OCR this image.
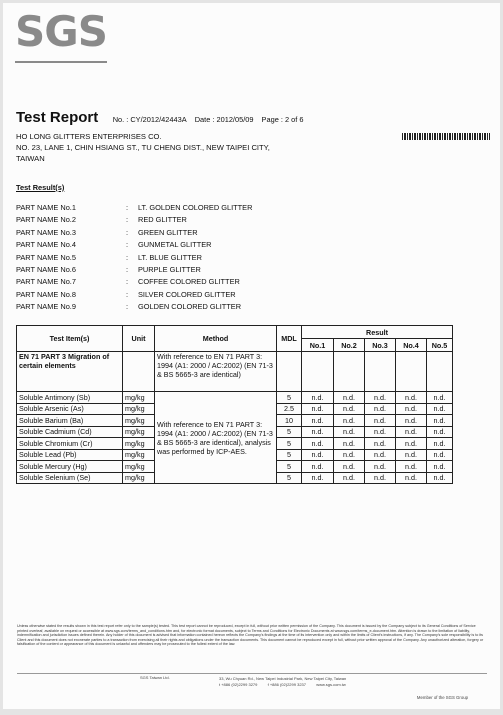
SGS
Test Report No. : CY/2012/42443A Date : 2012/05/09 Page : 2 of 6
HO LONG GLITTERS ENTERPRISES CO.
NO. 23, LANE 1, CHIN HSIANG ST., TU CHENG DIST., NEW TAIPEI CITY,
TAIWAN
Test Result(s)
PART NAME No.1	: LT. GOLDEN COLORED GLITTER
PART NAME No.2	: RED GLITTER
PART NAME No.3	: GREEN GLITTER
PART NAME No.4	: GUNMETAL GLITTER
PART NAME No.5	: LT. BLUE GLITTER
PART NAME No.6	: PURPLE GLITTER
PART NAME No.7	: COFFEE COLORED GLITTER
PART NAME No.8	: SILVER COLORED GLITTER
PART NAME No.9	: GOLDEN COLORED GLITTER
Test Item(s)	Unit	Method	MDL	Result				
				No.1	No.2	No.3	No.4	No.5
EN 71 PART 3 Migration of certain elements		With reference to EN 71 PART 3: 1994 (A1: 2000 / AC:2002) (EN 71-3 & BS 5665-3 are identical)						
Soluble Antimony (Sb)	mg/kg	With reference to EN 71 PART 3: 1994 (A1: 2000 / AC:2002) (EN 71-3 & BS 5665-3 are identical), analysis was performed by ICP-AES.	5	n.d.	n.d.	n.d.	n.d.	n.d.
Soluble Arsenic (As)	mg/kg		2.5	n.d.	n.d.	n.d.	n.d.	n.d.
Soluble Barium (Ba)	mg/kg		10	n.d.	n.d.	n.d.	n.d.	n.d.
Soluble Cadmium (Cd)	mg/kg		5	n.d.	n.d.	n.d.	n.d.	n.d.
Soluble Chromium (Cr)	mg/kg		5	n.d.	n.d.	n.d.	n.d.	n.d.
Soluble Lead (Pb)	mg/kg		5	n.d.	n.d.	n.d.	n.d.	n.d.
Soluble Mercury (Hg)	mg/kg		5	n.d.	n.d.	n.d.	n.d.	n.d.
Soluble Selenium (Se)	mg/kg		5	n.d.	n.d.	n.d.	n.d.	n.d.
Unless otherwise stated the results shown in this test report refer only to the sample(s) tested. This test report cannot be reproduced, except in full, without prior written permission of the Company. This document is issued by the Company subject to its General Conditions of Service printed overleaf, available on request or accessible at www.sgs.com/terms_and_conditions.htm and, for electronic format documents, subject to Terms and Conditions for Electronic Documents at www.sgs.com/terms_e-document.htm. Attention is drawn to the limitation of liability, indemnification and jurisdiction issues defined therein. Any holder of this document is advised that information contained hereon reflects the Company's findings at the time of its intervention only and within the limits of Client's instructions, if any. The Company's sole responsibility is to its Client and this document does not exonerate parties to a transaction from exercising all their rights and obligations under the transaction documents. This document cannot be reproduced except in full, without prior written approval of the Company. Any unauthorized alteration, forgery or falsification of the content or appearance of this document is unlawful and offenders may be prosecuted to the fullest extent of the law.
SGS Taiwan Ltd.	33, Wu Chyuan Rd., New Taipei Industrial Park, New Taipei City, Taiwan
t +886 (02)2299 3279	f +886 (02)2299 3237	www.sgs.com.tw
Member of the SGS Group
